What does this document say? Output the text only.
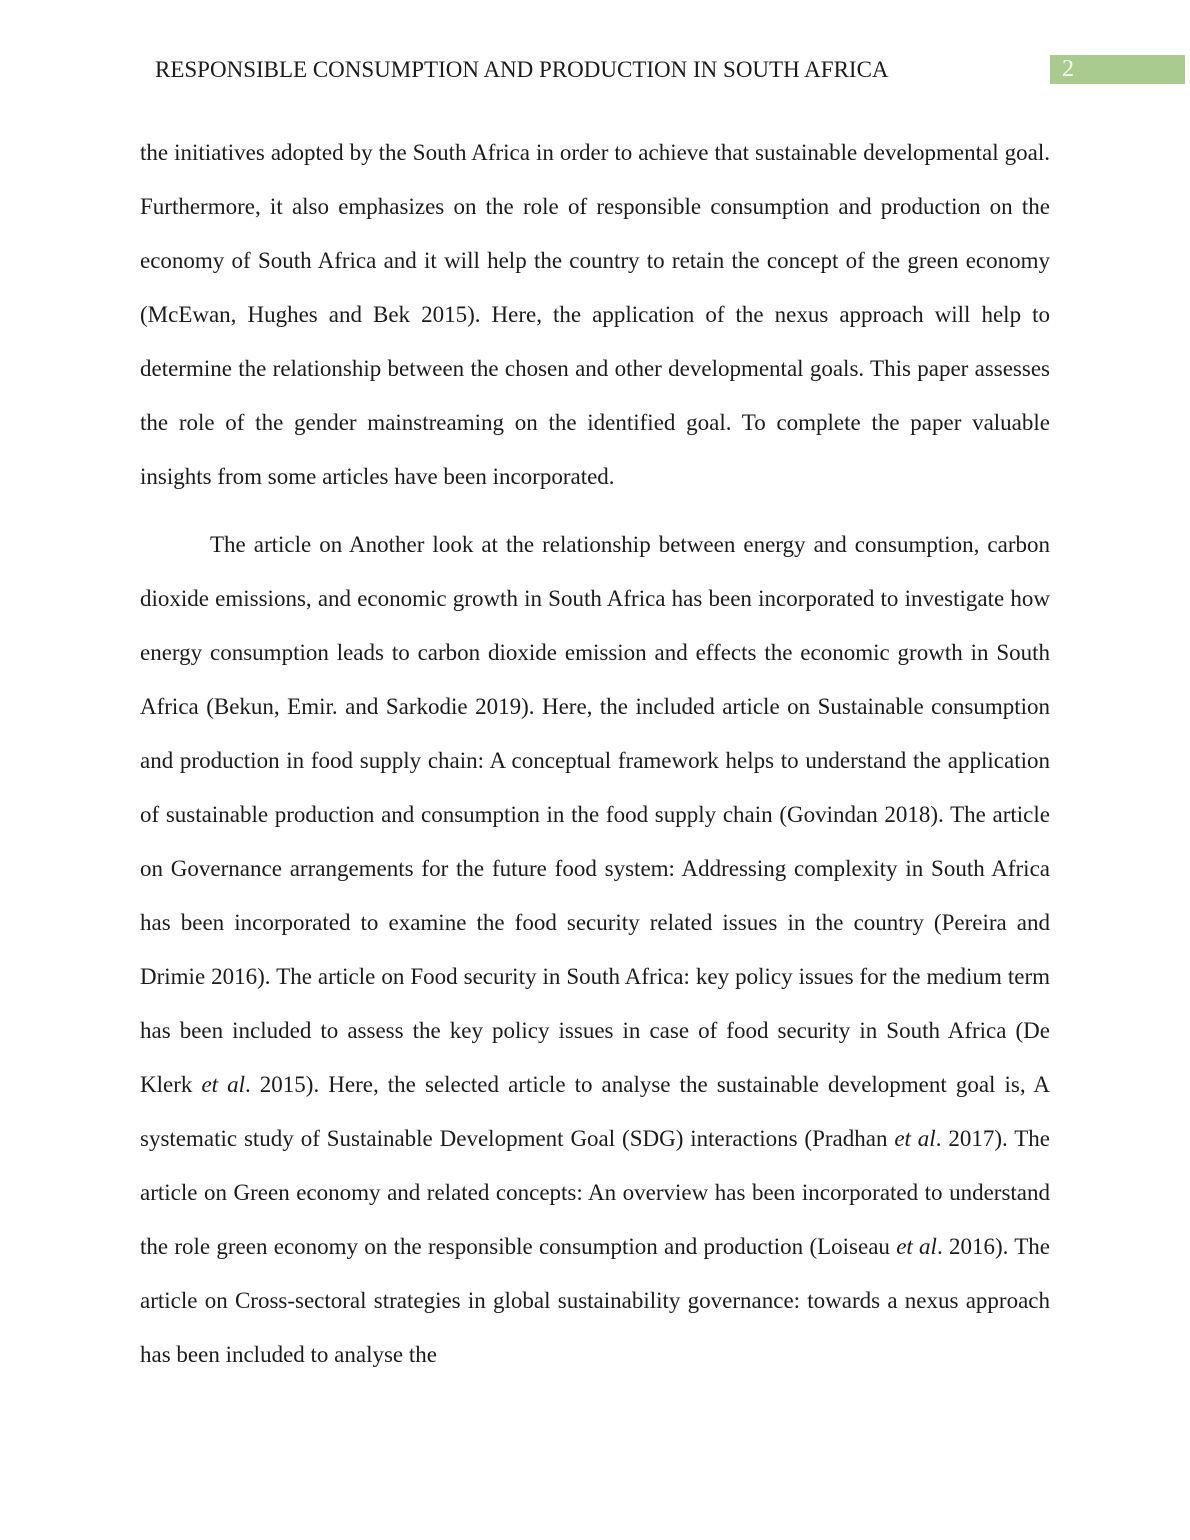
RESPONSIBLE CONSUMPTION AND PRODUCTION IN SOUTH AFRICA	2

the initiatives adopted by the South Africa in order to achieve that sustainable developmental goal. Furthermore, it also emphasizes on the role of responsible consumption and production on the economy of South Africa and it will help the country to retain the concept of the green economy (McEwan, Hughes and Bek 2015). Here, the application of the nexus approach will help to determine the relationship between the chosen and other developmental goals. This paper assesses the role of the gender mainstreaming on the identified goal. To complete the paper valuable insights from some articles have been incorporated.

The article on Another look at the relationship between energy and consumption, carbon dioxide emissions, and economic growth in South Africa has been incorporated to investigate how energy consumption leads to carbon dioxide emission and effects the economic growth in South Africa (Bekun, Emir. and Sarkodie 2019). Here, the included article on Sustainable consumption and production in food supply chain: A conceptual framework helps to understand the application of sustainable production and consumption in the food supply chain (Govindan 2018). The article on Governance arrangements for the future food system: Addressing complexity in South Africa has been incorporated to examine the food security related issues in the country (Pereira and Drimie 2016). The article on Food security in South Africa: key policy issues for the medium term has been included to assess the key policy issues in case of food security in South Africa (De Klerk et al. 2015). Here, the selected article to analyse the sustainable development goal is, A systematic study of Sustainable Development Goal (SDG) interactions (Pradhan et al. 2017). The article on Green economy and related concepts: An overview has been incorporated to understand the role green economy on the responsible consumption and production (Loiseau et al. 2016). The article on Cross-sectoral strategies in global sustainability governance: towards a nexus approach has been included to analyse the
